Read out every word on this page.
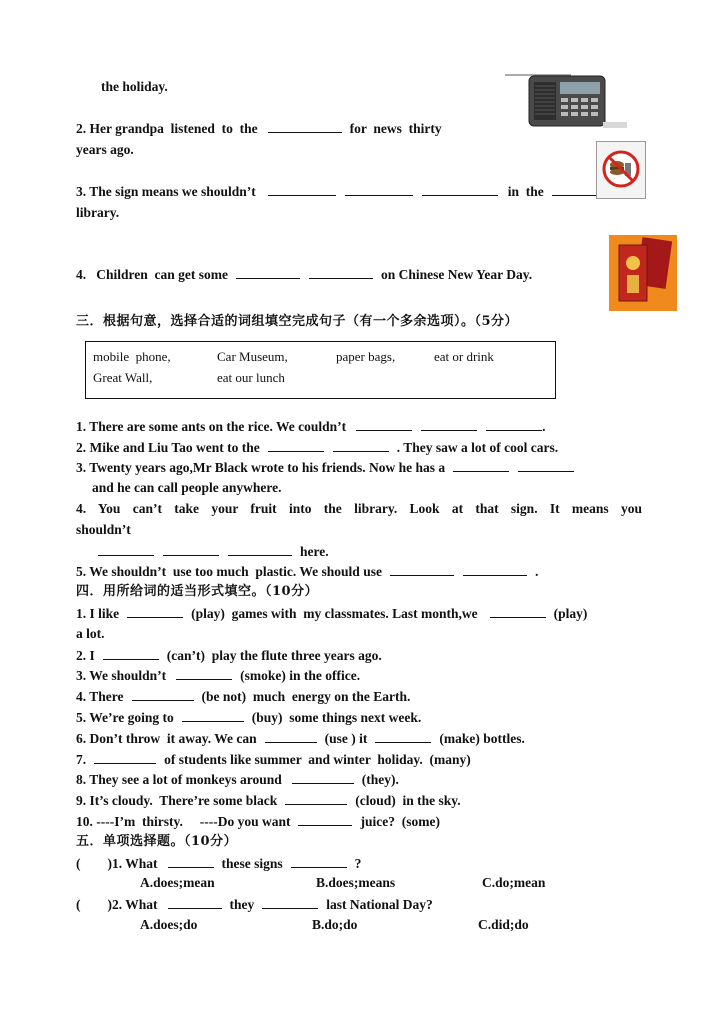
the holiday.
2. Her grandpa  listened  to  the	for  news  thirty
years ago.
3. The sign means we shouldn’t	in  the
library.
4.   Children  can get some	on Chinese New Year Day.
三．根据句意，选择合适的词组填空完成句子（有一个多余选项）。（5分）
mobile  phone,	Car Museum,	paper bags,	eat or drink
Great Wall,	eat our lunch
1. There are some ants on the rice. We couldn’t	.
2. Mike and Liu Tao went to the	. They saw a lot of cool cars.
3. Twenty years ago,Mr Black wrote to his friends. Now he has a
and he can call people anywhere.
4. You can’t take your fruit into the library. Look at that sign. It means you
shouldn’t
here.
5. We shouldn’t  use too much  plastic. We should use	.
四．用所给词的适当形式填空。（10分）
1. I like	(play)  games with  my classmates. Last month,we	(play)
a lot.
2. I	(can’t)  play the flute three years ago.
3. We shouldn’t	(smoke) in the office.
4. There	(be not)  much  energy on the Earth.
5. We’re going to	(buy)  some things next week.
6. Don’t throw  it away. We can	(use ) it	(make) bottles.
7.	of students like summer  and winter  holiday.  (many)
8. They see a lot of monkeys around	(they).
9. It’s cloudy.  There’re some black	(cloud)  in the sky.
10. ----I’m  thirsty.     ----Do you want	juice?  (some)
五．单项选择题。（10分）
(        )1. What	these signs	?
A.does;mean	B.does;means	C.do;mean
(        )2. What	they	last National Day?
A.does;do	B.do;do	C.did;do
